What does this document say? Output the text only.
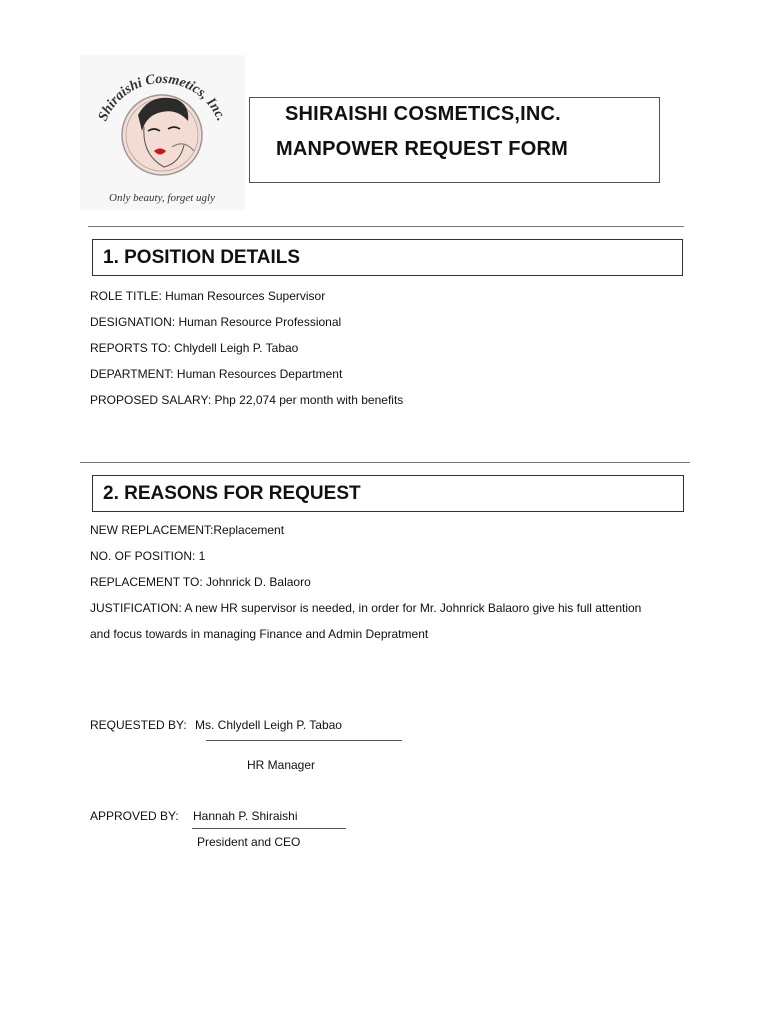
Shiraishi Cosmetics, Inc.
Only beauty, forget ugly
SHIRAISHI COSMETICS,INC.
MANPOWER REQUEST FORM
1. POSITION DETAILS
ROLE TITLE: Human Resources Supervisor
DESIGNATION: Human Resource Professional
REPORTS TO: Chlydell Leigh P. Tabao
DEPARTMENT: Human Resources Department
PROPOSED SALARY: Php 22,074 per month with benefits
2. REASONS FOR REQUEST
NEW REPLACEMENT:Replacement
NO. OF POSITION: 1
REPLACEMENT TO: Johnrick D. Balaoro
JUSTIFICATION: A new HR supervisor is needed, in order for Mr. Johnrick Balaoro give his full attention
and focus towards in managing Finance and Admin Depratment
REQUESTED BY: Ms. Chlydell Leigh P. Tabao
HR Manager
APPROVED BY: Hannah P. Shiraishi
President and CEO
